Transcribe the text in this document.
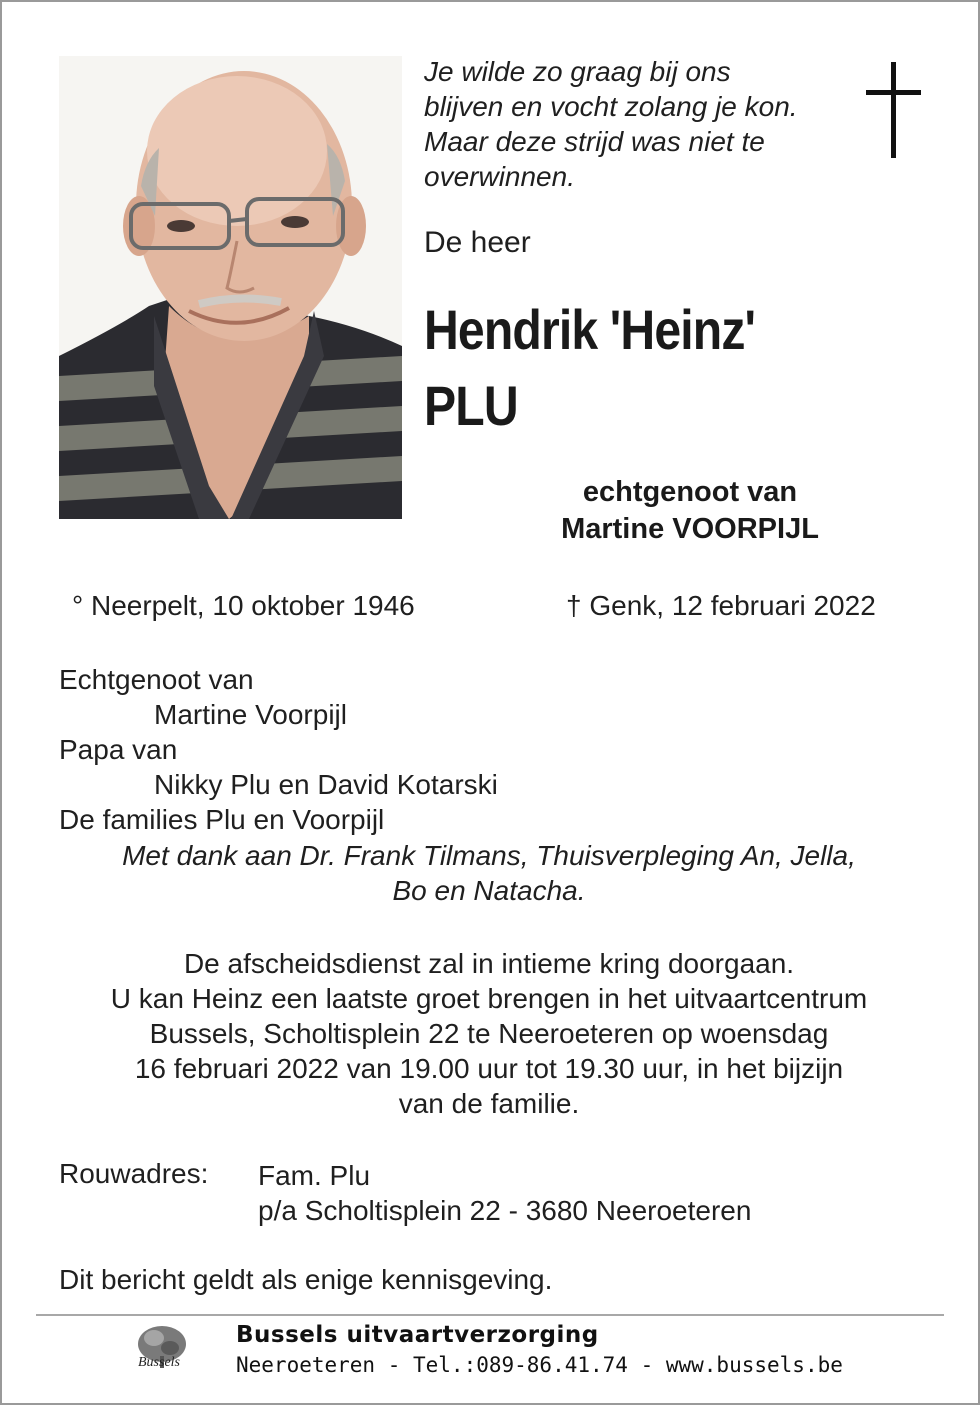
Je wilde zo graag bij ons
blijven en vocht zolang je kon.
Maar deze strijd was niet te
overwinnen.
De heer
Hendrik 'Heinz'
PLU
echtgenoot van
Martine VOORPIJL
° Neerpelt, 10 oktober 1946	† Genk, 12 februari 2022
Echtgenoot van
Martine Voorpijl
Papa van
Nikky Plu en David Kotarski
De families Plu en Voorpijl
Met dank aan Dr. Frank Tilmans, Thuisverpleging An, Jella,
Bo en Natacha.
De afscheidsdienst zal in intieme kring doorgaan.
U kan Heinz een laatste groet brengen in het uitvaartcentrum
Bussels, Scholtisplein 22 te Neeroeteren op woensdag
16 februari 2022 van 19.00 uur tot 19.30 uur, in het bijzijn
van de familie.
Rouwadres: Fam. Plu
p/a Scholtisplein 22 - 3680 Neeroeteren
Dit bericht geldt als enige kennisgeving.
Bussels
Bussels uitvaartverzorging
Neeroeteren - Tel.:089-86.41.74 - www.bussels.be
